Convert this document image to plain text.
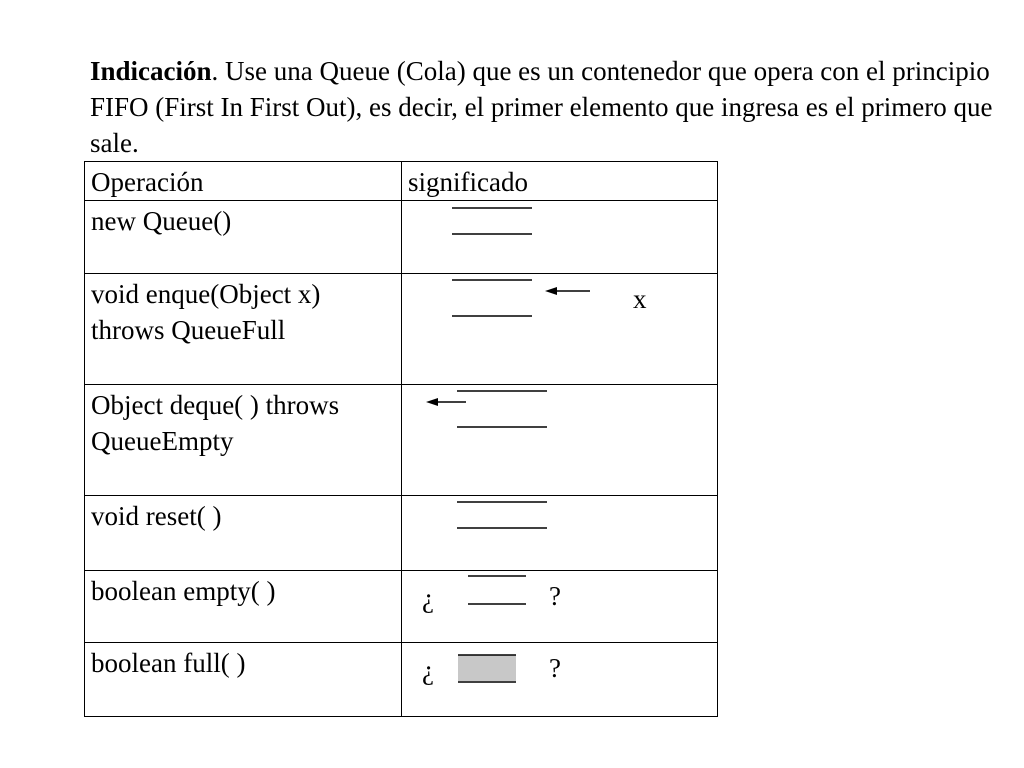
Indicación. Use una Queue (Cola) que es un contenedor que opera con el principio FIFO (First In First Out), es decir, el primer elemento que ingresa es el primero que sale.

Operación	significado
new Queue()	

void enque(Object x) throws QueueFull	x

Object deque( ) throws QueueEmpty	

void reset( )	

boolean empty( )	¿ ?

boolean full( )	¿ ?
